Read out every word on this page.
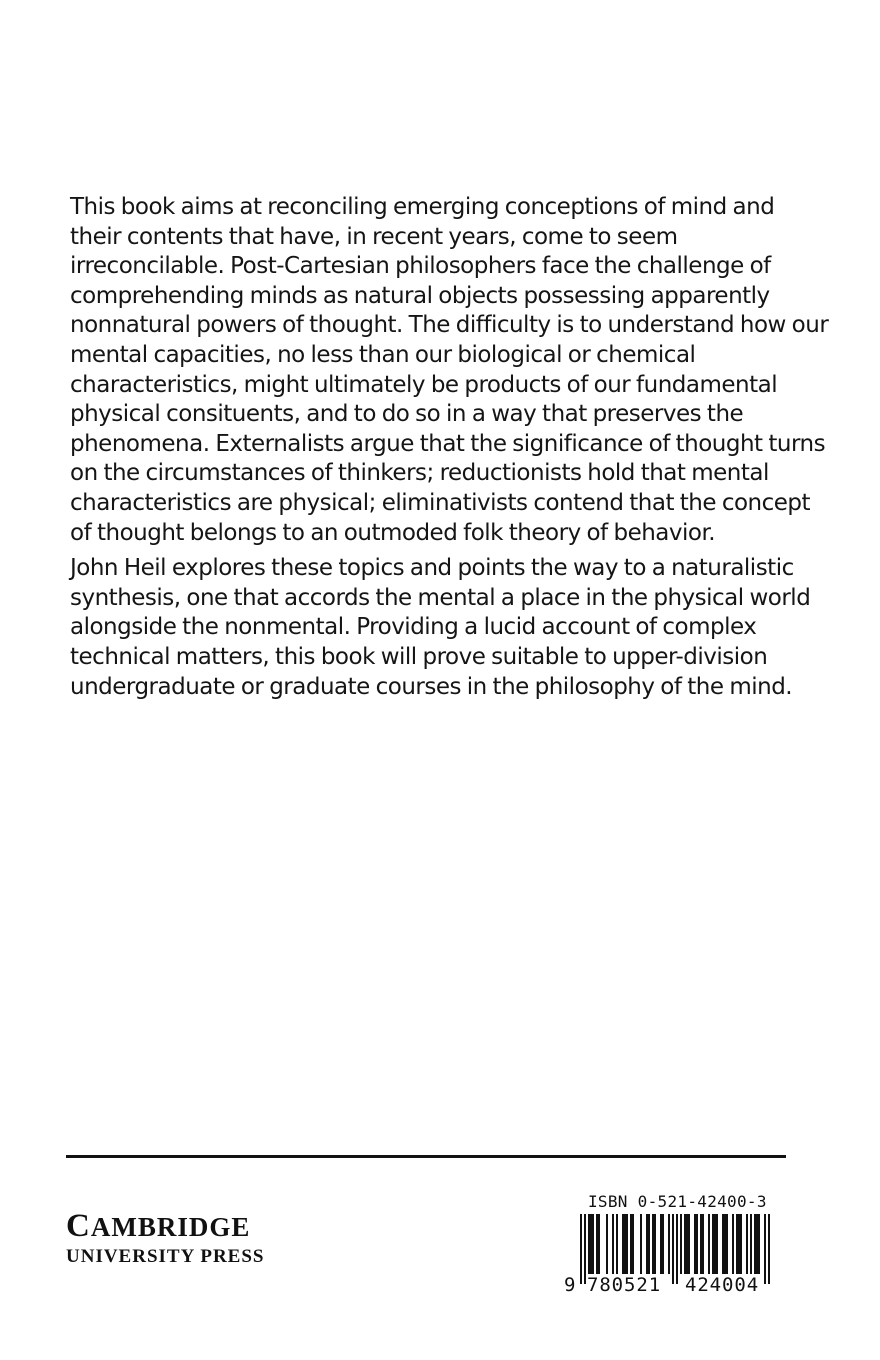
This book aims at reconciling emerging conceptions of mind and their contents that have, in recent years, come to seem irreconcilable. Post-Cartesian philosophers face the challenge of comprehending minds as natural objects possessing apparently nonnatural powers of thought. The difficulty is to understand how our mental capacities, no less than our biological or chemical characteristics, might ultimately be products of our fundamental physical consituents, and to do so in a way that preserves the phenomena. Externalists argue that the significance of thought turns on the circumstances of thinkers; reductionists hold that mental characteristics are physical; eliminativists contend that the concept of thought belongs to an outmoded folk theory of behavior.

John Heil explores these topics and points the way to a naturalistic synthesis, one that accords the mental a place in the physical world alongside the nonmental. Providing a lucid account of complex technical matters, this book will prove suitable to upper-division undergraduate or graduate courses in the philosophy of the mind.

CAMBRIDGE
UNIVERSITY PRESS
ISBN 0-521-42400-3
9 780521 424004
